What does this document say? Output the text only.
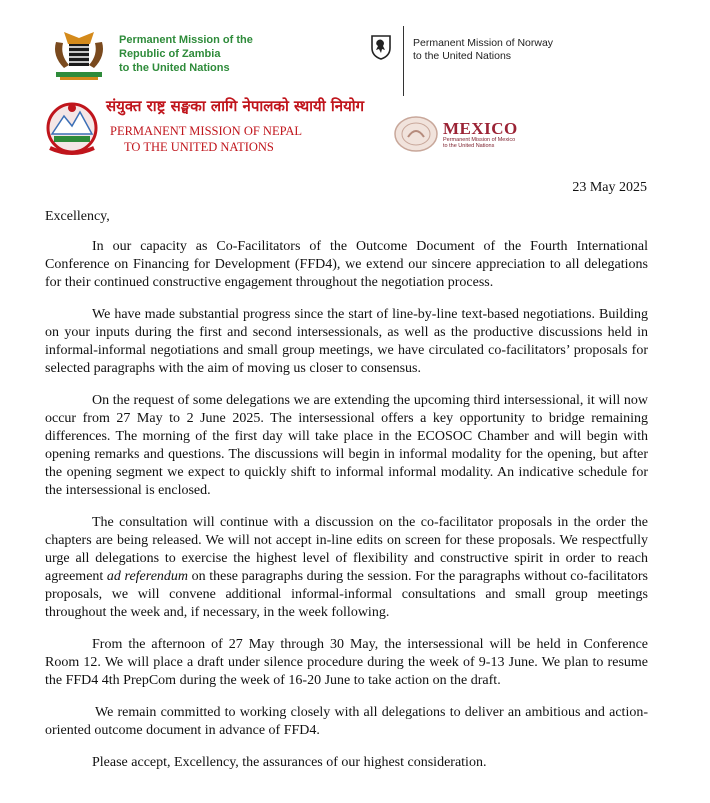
Permanent Mission of the
Republic of Zambia
to the United Nations
Permanent Mission of Norway
to the United Nations
संयुक्त राष्ट्र सङ्घका लागि नेपालको स्थायी नियोग
PERMANENT MISSION OF NEPAL
TO THE UNITED NATIONS
MEXICO
Permanent Mission of Mexico
to the United Nations
23 May 2025

Excellency,

In our capacity as Co-Facilitators of the Outcome Document of the Fourth International Conference on Financing for Development (FFD4), we extend our sincere appreciation to all delegations for their continued constructive engagement throughout the negotiation process.

We have made substantial progress since the start of line-by-line text-based negotiations. Building on your inputs during the first and second intersessionals, as well as the productive discussions held in informal-informal negotiations and small group meetings, we have circulated co-facilitators’ proposals for selected paragraphs with the aim of moving us closer to consensus.

On the request of some delegations we are extending the upcoming third intersessional, it will now occur from 27 May to 2 June 2025. The intersessional offers a key opportunity to bridge remaining differences. The morning of the first day will take place in the ECOSOC Chamber and will begin with opening remarks and questions. The discussions will begin in informal modality for the opening, but after the opening segment we expect to quickly shift to informal informal modality. An indicative schedule for the intersessional is enclosed.

The consultation will continue with a discussion on the co-facilitator proposals in the order the chapters are being released. We will not accept in-line edits on screen for these proposals. We respectfully urge all delegations to exercise the highest level of flexibility and constructive spirit in order to reach agreement ad referendum on these paragraphs during the session. For the paragraphs without co-facilitators proposals, we will convene additional informal-informal consultations and small group meetings throughout the week and, if necessary, in the week following.

From the afternoon of 27 May through 30 May, the intersessional will be held in Conference Room 12. We will place a draft under silence procedure during the week of 9-13 June. We plan to resume the FFD4 4th PrepCom during the week of 16-20 June to take action on the draft.

We remain committed to working closely with all delegations to deliver an ambitious and action-oriented outcome document in advance of FFD4.

Please accept, Excellency, the assurances of our highest consideration.
